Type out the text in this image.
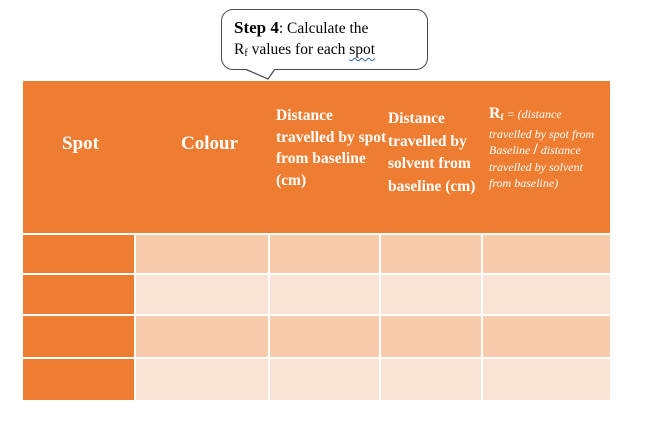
Step 4: Calculate the
$R_f$ values for each spot
Spot	Colour
Distance travelled by spot from baseline (cm)
Distance travelled by solvent from baseline (cm)
Rf = (distance travelled by spot from Baseline / distance travelled by solvent from baseline)
